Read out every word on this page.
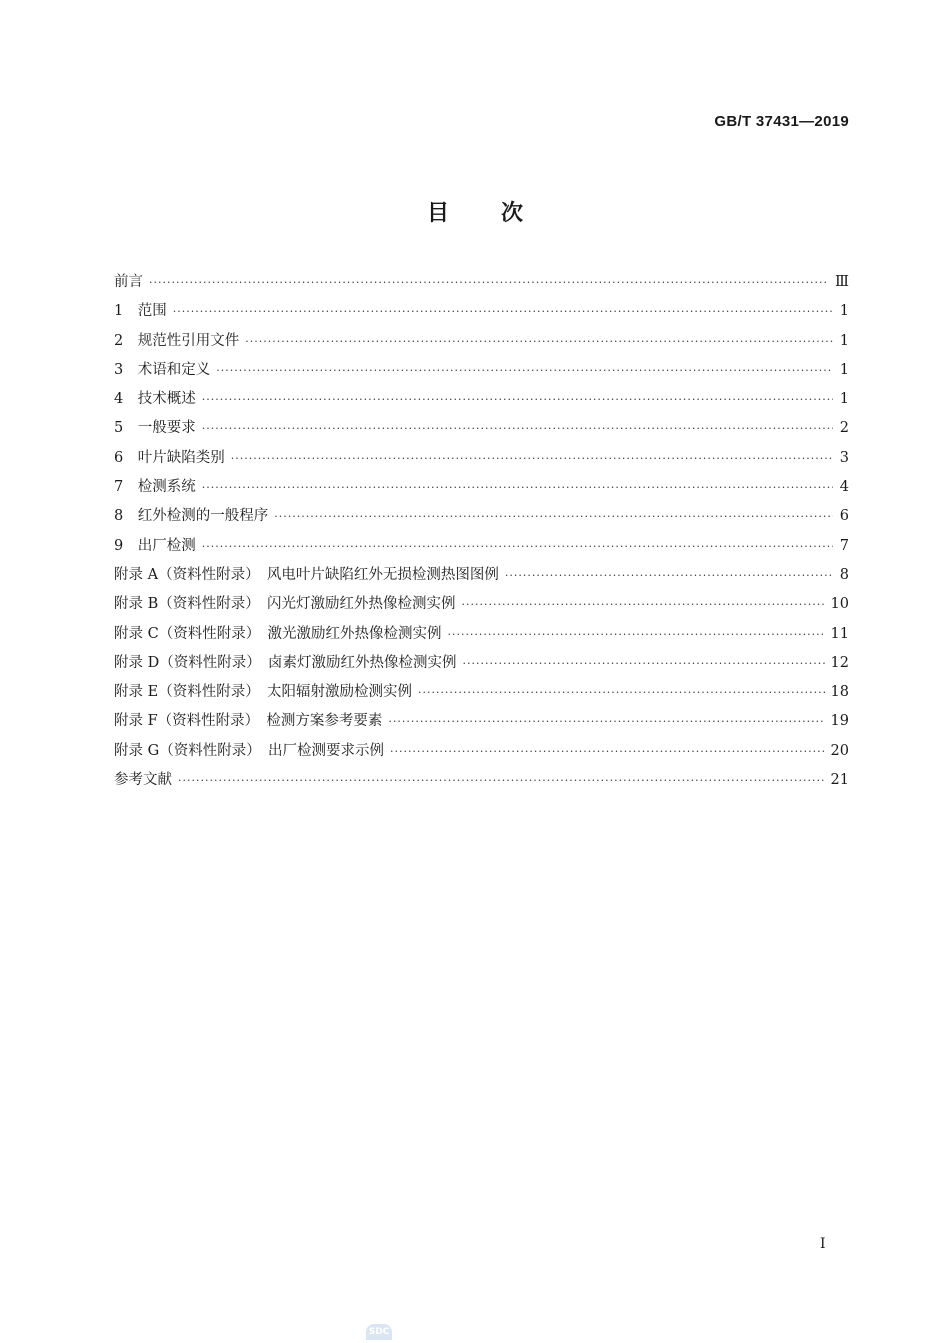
GB/T 37431—2019
目次
前言 ·····	Ⅲ
1　范围 ·····	1
2　规范性引用文件 ·····	1
3　术语和定义 ·····	1
4　技术概述 ·····	1
5　一般要求 ·····	2
6　叶片缺陷类别 ·····	3
7　检测系统 ·····	4
8　红外检测的一般程序 ·····	6
9　出厂检测 ·····	7
附录 A（资料性附录）　风电叶片缺陷红外无损检测热图图例 ·····	8
附录 B（资料性附录）　闪光灯激励红外热像检测实例 ·····	10
附录 C（资料性附录）　激光激励红外热像检测实例 ·····	11
附录 D（资料性附录）　卤素灯激励红外热像检测实例 ·····	12
附录 E（资料性附录）　太阳辐射激励检测实例 ·····	18
附录 F（资料性附录）　检测方案参考要素 ·····	19
附录 G（资料性附录）　出厂检测要求示例 ·····	20
参考文献 ·····	21
I
SDC
